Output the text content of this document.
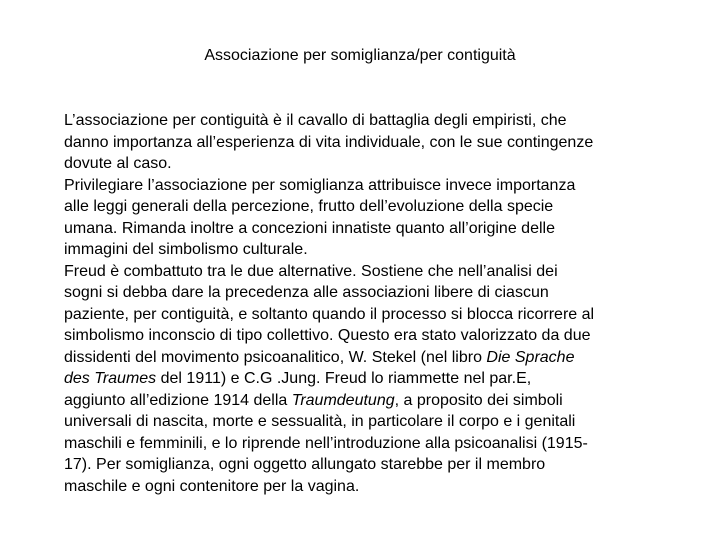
Associazione per somiglianza/per contiguità

L’associazione per contiguità è il cavallo di battaglia degli empiristi, che

danno importanza all’esperienza di vita individuale, con le sue contingenze

dovute al caso.

Privilegiare l’associazione per somiglianza attribuisce invece importanza

alle leggi generali della percezione, frutto dell’evoluzione della specie

umana. Rimanda inoltre a concezioni innatiste quanto all’origine delle

immagini del simbolismo culturale.

Freud è combattuto tra le due alternative. Sostiene che nell’analisi dei

sogni si debba dare la precedenza alle associazioni libere di ciascun

paziente, per contiguità, e soltanto quando il processo si blocca ricorrere al

simbolismo inconscio di tipo collettivo. Questo era stato valorizzato da due

dissidenti del movimento psicoanalitico, W. Stekel (nel libro Die Sprache

des Traumes del 1911) e C.G .Jung. Freud lo riammette nel par.E,

aggiunto all’edizione 1914 della Traumdeutung, a proposito dei simboli

universali di nascita, morte e sessualità, in particolare il corpo e i genitali

maschili e femminili, e lo riprende nell’introduzione alla psicoanalisi (1915-

17). Per somiglianza, ogni oggetto allungato starebbe per il membro

maschile e ogni contenitore per la vagina.
